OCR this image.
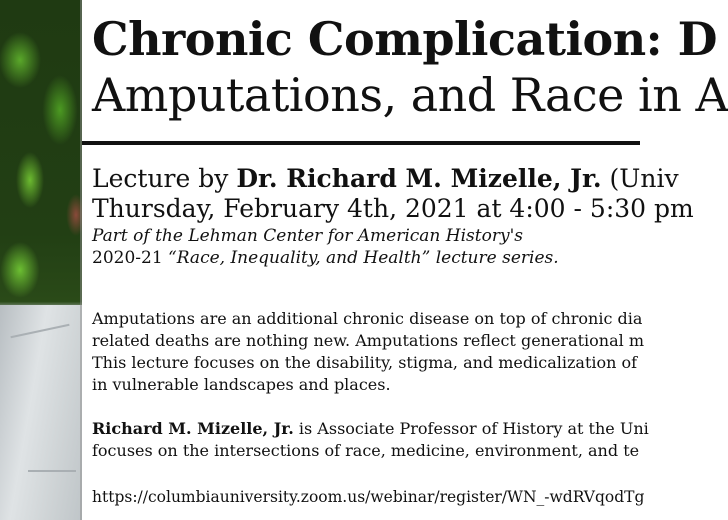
Chronic Complication: D
Amputations, and Race in A
Lecture by Dr. Richard M. Mizelle, Jr. (Univ
Thursday, February 4th, 2021 at 4:00 - 5:30 pm
Part of the Lehman Center for American History's
2020-21 “Race, Inequality, and Health” lecture series.
Amputations are an additional chronic disease on top of chronic dia
related deaths are nothing new. Amputations reflect generational m
This lecture focuses on the disability, stigma, and medicalization of
in vulnerable landscapes and places.
Richard M. Mizelle, Jr. is Associate Professor of History at the Uni
focuses on the intersections of race, medicine, environment, and te
https://columbiauniversity.zoom.us/webinar/register/WN_-wdRVqodTg
